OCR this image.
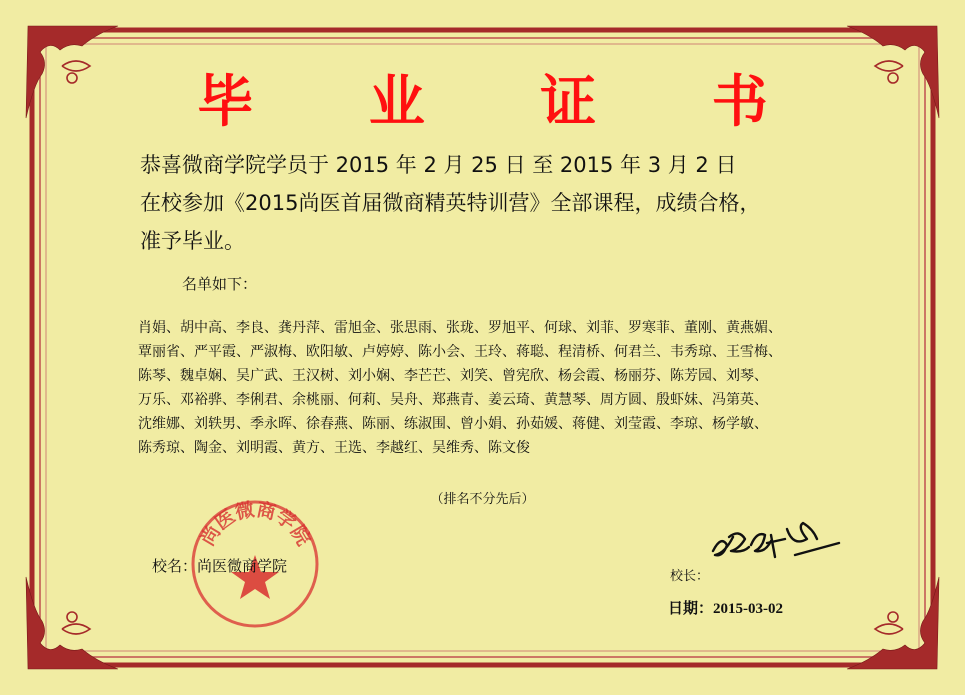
毕 业 证 书
恭喜微商学院学员于 2015 年 2 月 25 日 至 2015 年 3 月 2 日
在校参加《2015尚医首届微商精英特训营》全部课程，成绩合格，
准予毕业。
名单如下：
肖娟、胡中高、李良、龚丹萍、雷旭金、张思雨、张珑、罗旭平、何球、刘菲、罗寒菲、董刚、黄燕媚、
覃丽省、严平霞、严淑梅、欧阳敏、卢婷婷、陈小会、王玲、蒋聪、程清桥、何君兰、韦秀琼、王雪梅、
陈琴、魏卓娴、吴广武、王汉树、刘小娴、李芒芒、刘笑、曾宪欣、杨会霞、杨丽芬、陈芳园、刘琴、
万乐、邓裕骅、李俐君、余桃丽、何莉、吴舟、郑燕青、姜云琦、黄慧琴、周方圆、殷虾妹、冯第英、
沈维娜、刘轶男、季永晖、徐春燕、陈丽、练淑围、曾小娟、孙茹媛、蒋健、刘莹霞、李琼、杨学敏、
陈秀琼、陶金、刘明霞、黄方、王选、李越红、吴维秀、陈文俊
（排名不分先后）
尚医微商学院
校名：尚医微商学院
校长：
日期：2015-03-02
